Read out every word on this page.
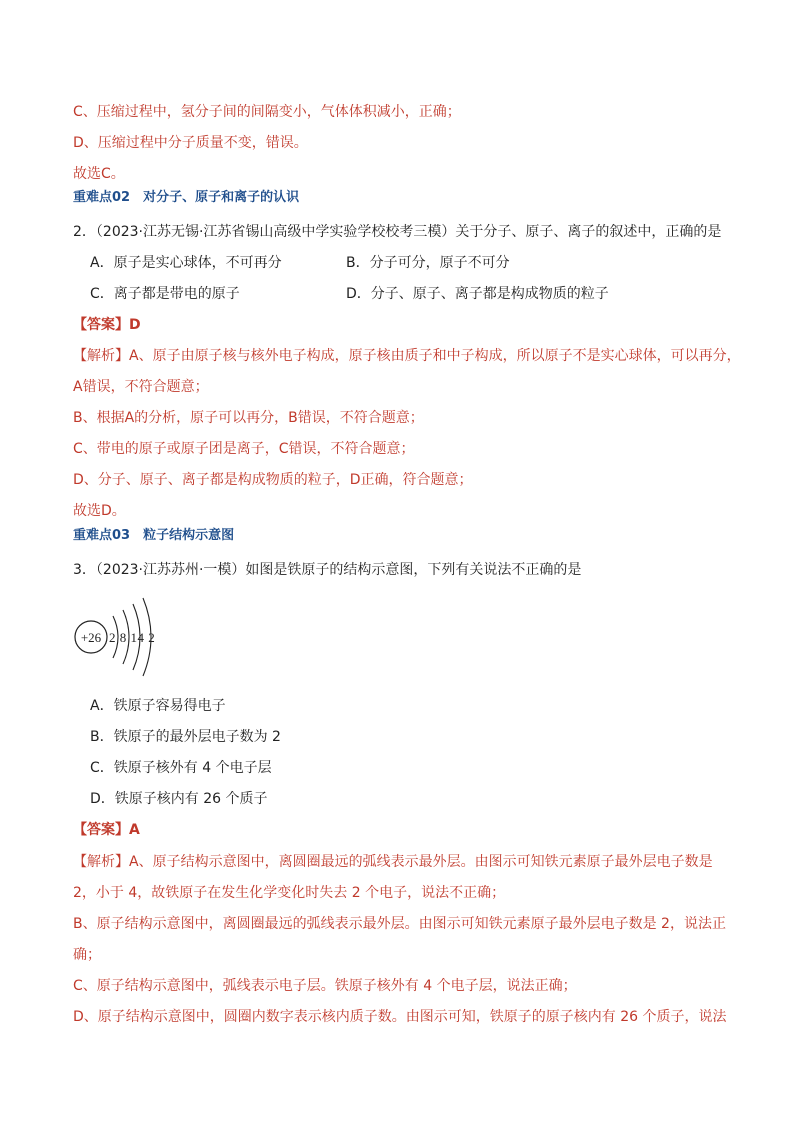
C、压缩过程中，氢分子间的间隔变小，气体体积减小，正确；
D、压缩过程中分子质量不变，错误。
故选C。
重难点02　对分子、原子和离子的认识
2．（2023·江苏无锡·江苏省锡山高级中学实验学校校考三模）关于分子、原子、离子的叙述中，正确的是
A．原子是实心球体，不可再分	B．分子可分，原子不可分
C．离子都是带电的原子	D．分子、原子、离子都是构成物质的粒子
【答案】D
【解析】A、原子由原子核与核外电子构成，原子核由质子和中子构成，所以原子不是实心球体，可以再分，
A错误，不符合题意；
B、根据A的分析，原子可以再分，B错误，不符合题意；
C、带电的原子或原子团是离子，C错误，不符合题意；
D、分子、原子、离子都是构成物质的粒子，D正确，符合题意；
故选D。
重难点03　粒子结构示意图
3．（2023·江苏苏州·一模）如图是铁原子的结构示意图，下列有关说法不正确的是
+26 2 8 14 2
A．铁原子容易得电子
B．铁原子的最外层电子数为 2
C．铁原子核外有 4 个电子层
D．铁原子核内有 26 个质子
【答案】A
【解析】A、原子结构示意图中，离圆圈最远的弧线表示最外层。由图示可知铁元素原子最外层电子数是
2，小于 4，故铁原子在发生化学变化时失去 2 个电子，说法不正确；
B、原子结构示意图中，离圆圈最远的弧线表示最外层。由图示可知铁元素原子最外层电子数是 2，说法正
确；
C、原子结构示意图中，弧线表示电子层。铁原子核外有 4 个电子层，说法正确；
D、原子结构示意图中，圆圈内数字表示核内质子数。由图示可知，铁原子的原子核内有 26 个质子，说法
